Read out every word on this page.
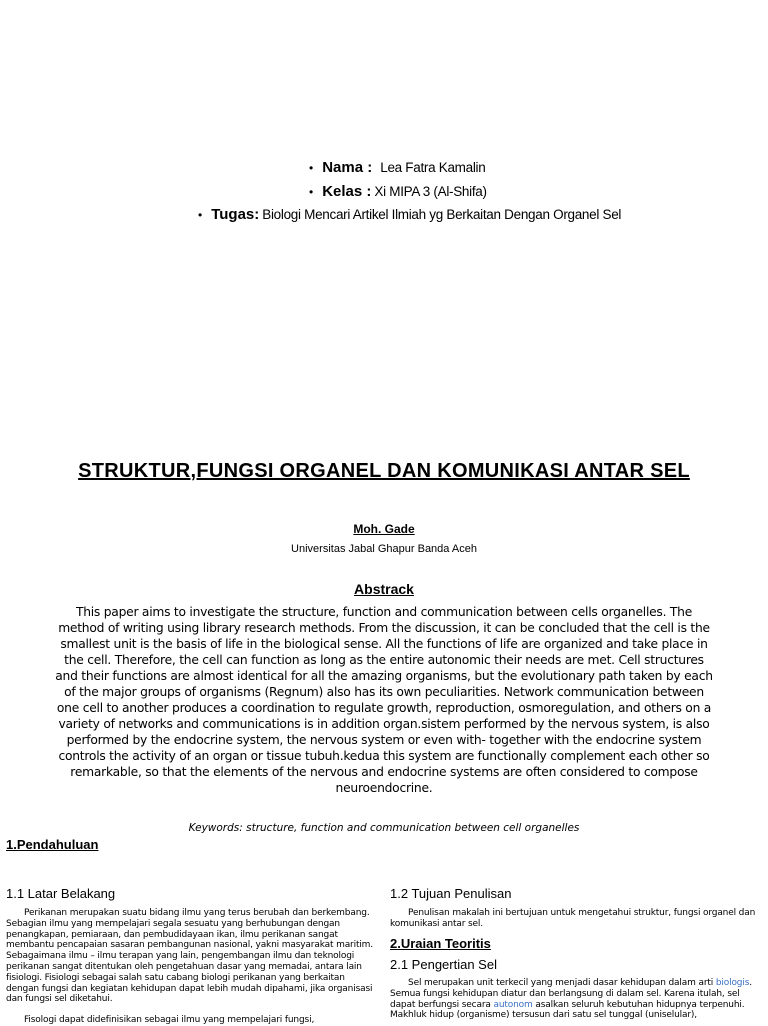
• Nama : Lea Fatra Kamalin
• Kelas : Xi MIPA 3 (Al-Shifa)
• Tugas: Biologi Mencari Artikel Ilmiah yg Berkaitan Dengan Organel Sel
STRUKTUR,FUNGSI ORGANEL DAN KOMUNIKASI ANTAR SEL
Moh. Gade
Universitas Jabal Ghapur Banda Aceh
Abstrack
This paper aims to investigate the structure, function and communication between cells organelles. The method of writing using library research methods. From the discussion, it can be concluded that the cell is the smallest unit is the basis of life in the biological sense. All the functions of life are organized and take place in the cell. Therefore, the cell can function as long as the entire autonomic their needs are met. Cell structures and their functions are almost identical for all the amazing organisms, but the evolutionary path taken by each of the major groups of organisms (Regnum) also has its own peculiarities. Network communication between one cell to another produces a coordination to regulate growth, reproduction, osmoregulation, and others on a variety of networks and communications is in addition organ.sistem performed by the nervous system, is also performed by the endocrine system, the nervous system or even with- together with the endocrine system controls the activity of an organ or tissue tubuh.kedua this system are functionally complement each other so remarkable, so that the elements of the nervous and endocrine systems are often considered to compose neuroendocrine.
Keywords: structure, function and communication between cell organelles
1.Pendahuluan
1.1 Latar Belakang

Perikanan merupakan suatu bidang ilmu yang terus berubah dan berkembang. Sebagian ilmu yang mempelajari segala sesuatu yang berhubungan dengan penangkapan, pemiaraan, dan pembudidayaan ikan, ilmu perikanan sangat membantu pencapaian sasaran pembangunan nasional, yakni masyarakat maritim. Sebagaimana ilmu – ilmu terapan yang lain, pengembangan ilmu dan teknologi perikanan sangat ditentukan oleh pengetahuan dasar yang memadai, antara lain fisiologi. Fisiologi sebagai salah satu cabang biologi perikanan yang berkaitan dengan fungsi dan kegiatan kehidupan dapat lebih mudah dipahami, jika organisasi dan fungsi sel diketahui.

Fisologi dapat didefinisikan sebagai ilmu yang mempelajari fungsi,

1.2 Tujuan Penulisan

Penulisan makalah ini bertujuan untuk mengetahui struktur, fungsi organel dan komunikasi antar sel.

2.Uraian Teoritis
2.1 Pengertian Sel

Sel merupakan unit terkecil yang menjadi dasar kehidupan dalam arti biologis. Semua fungsi kehidupan diatur dan berlangsung di dalam sel. Karena itulah, sel dapat berfungsi secara autonom asalkan seluruh kebutuhan hidupnya terpenuhi. Makhluk hidup (organisme) tersusun dari satu sel tunggal (uniselular),
